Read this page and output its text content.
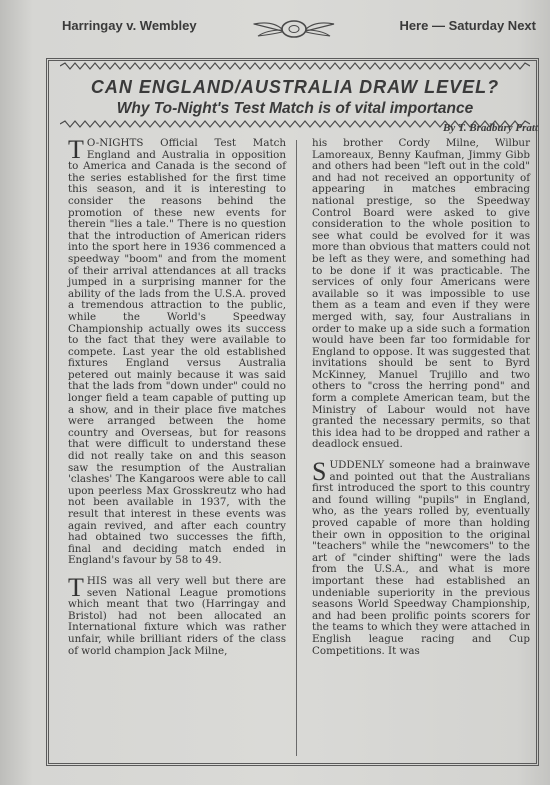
Harringay v. Wembley	Here — Saturday Next
CAN ENGLAND/AUSTRALIA DRAW LEVEL?
Why To-Night's Test Match is of vital importance
By T. Bradbury Pratt

T O-NIGHTS Official Test Match England and Australia in opposition to America and Canada is the second of the series established for the first time this season, and it is interesting to consider the reasons behind the promotion of these new events for therein "lies a tale." There is no question that the introduction of American riders into the sport here in 1936 commenced a speedway "boom" and from the moment of their arrival attendances at all tracks jumped in a surprising manner for the ability of the lads from the U.S.A. proved a tremendous attraction to the public, while the World's Speedway Championship actually owes its success to the fact that they were available to compete. Last year the old established fixtures England versus Australia petered out mainly because it was said that the lads from "down under" could no longer field a team capable of putting up a show, and in their place five matches were arranged between the home country and Overseas, but for reasons that were difficult to understand these did not really take on and this season saw the resumption of the Australian 'clashes' The Kangaroos were able to call upon peerless Max Grosskreutz who had not been available in 1937, with the result that interest in these events was again revived, and after each country had obtained two successes the fifth, final and deciding match ended in England's favour by 58 to 49.

THIS was all very well but there are seven National League promotions which meant that two (Harringay and Bristol) had not been allocated an International fixture which was rather unfair, while brilliant riders of the class of world champion Jack Milne,

his brother Cordy Milne, Wilbur Lamoreaux, Benny Kaufman, Jimmy Gibb and others had been "left out in the cold" and had not received an opportunity of appearing in matches embracing national prestige, so the Speedway Control Board were asked to give consideration to the whole position to see what could be evolved for it was more than obvious that matters could not be left as they were, and something had to be done if it was practicable. The services of only four Americans were available so it was impossible to use them as a team and even if they were merged with, say, four Australians in order to make up a side such a formation would have been far too formidable for England to oppose. It was suggested that invitations should be sent to Byrd McKinney, Manuel Trujillo and two others to "cross the herring pond" and form a complete American team, but the Ministry of Labour would not have granted the necessary permits, so that this idea had to be dropped and rather a deadlock ensued.

SUDDENLY someone had a brainwave and pointed out that the Australians first introduced the sport to this country and found willing "pupils" in England, who, as the years rolled by, eventually proved capable of more than holding their own in opposition to the original "teachers" while the "newcomers" to the art of "cinder shifting" were the lads from the U.S.A., and what is more important these had established an undeniable superiority in the previous seasons World Speedway Championship, and had been prolific points scorers for the teams to which they were attached in English league racing and Cup Competitions. It was
